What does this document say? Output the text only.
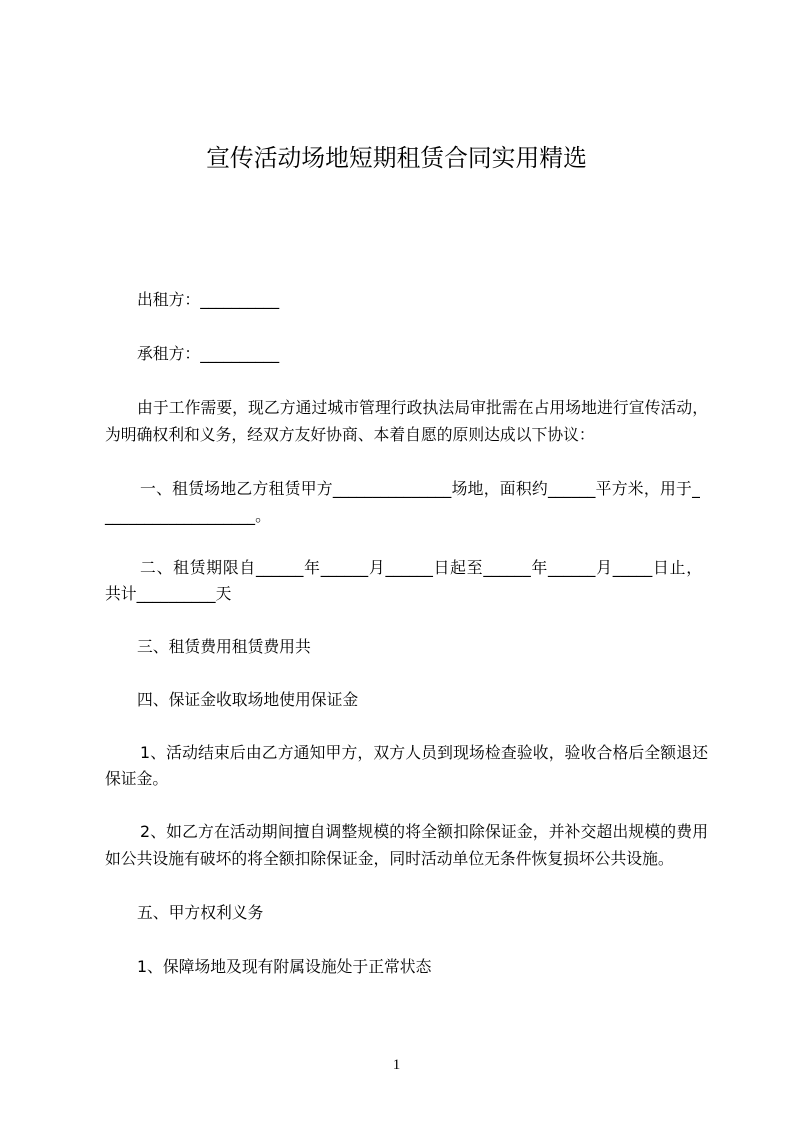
宣传活动场地短期租赁合同实用精选
出租方：__________
承租方：__________
由于工作需要，现乙方通过城市管理行政执法局审批需在占用场地进行宣传活动，
为明确权利和义务，经双方友好协商、本着自愿的原则达成以下协议：
一、租赁场地乙方租赁甲方_______________场地，面积约______平方米，用于_
___________________。
二、租赁期限自______年______月______日起至______年______月_____日止，
共计__________天
三、租赁费用租赁费用共
四、保证金收取场地使用保证金
1、活动结束后由乙方通知甲方，双方人员到现场检查验收，验收合格后全额退还
保证金。
2、如乙方在活动期间擅自调整规模的将全额扣除保证金，并补交超出规模的费用
如公共设施有破坏的将全额扣除保证金，同时活动单位无条件恢复损坏公共设施。
五、甲方权利义务
1、保障场地及现有附属设施处于正常状态
1
